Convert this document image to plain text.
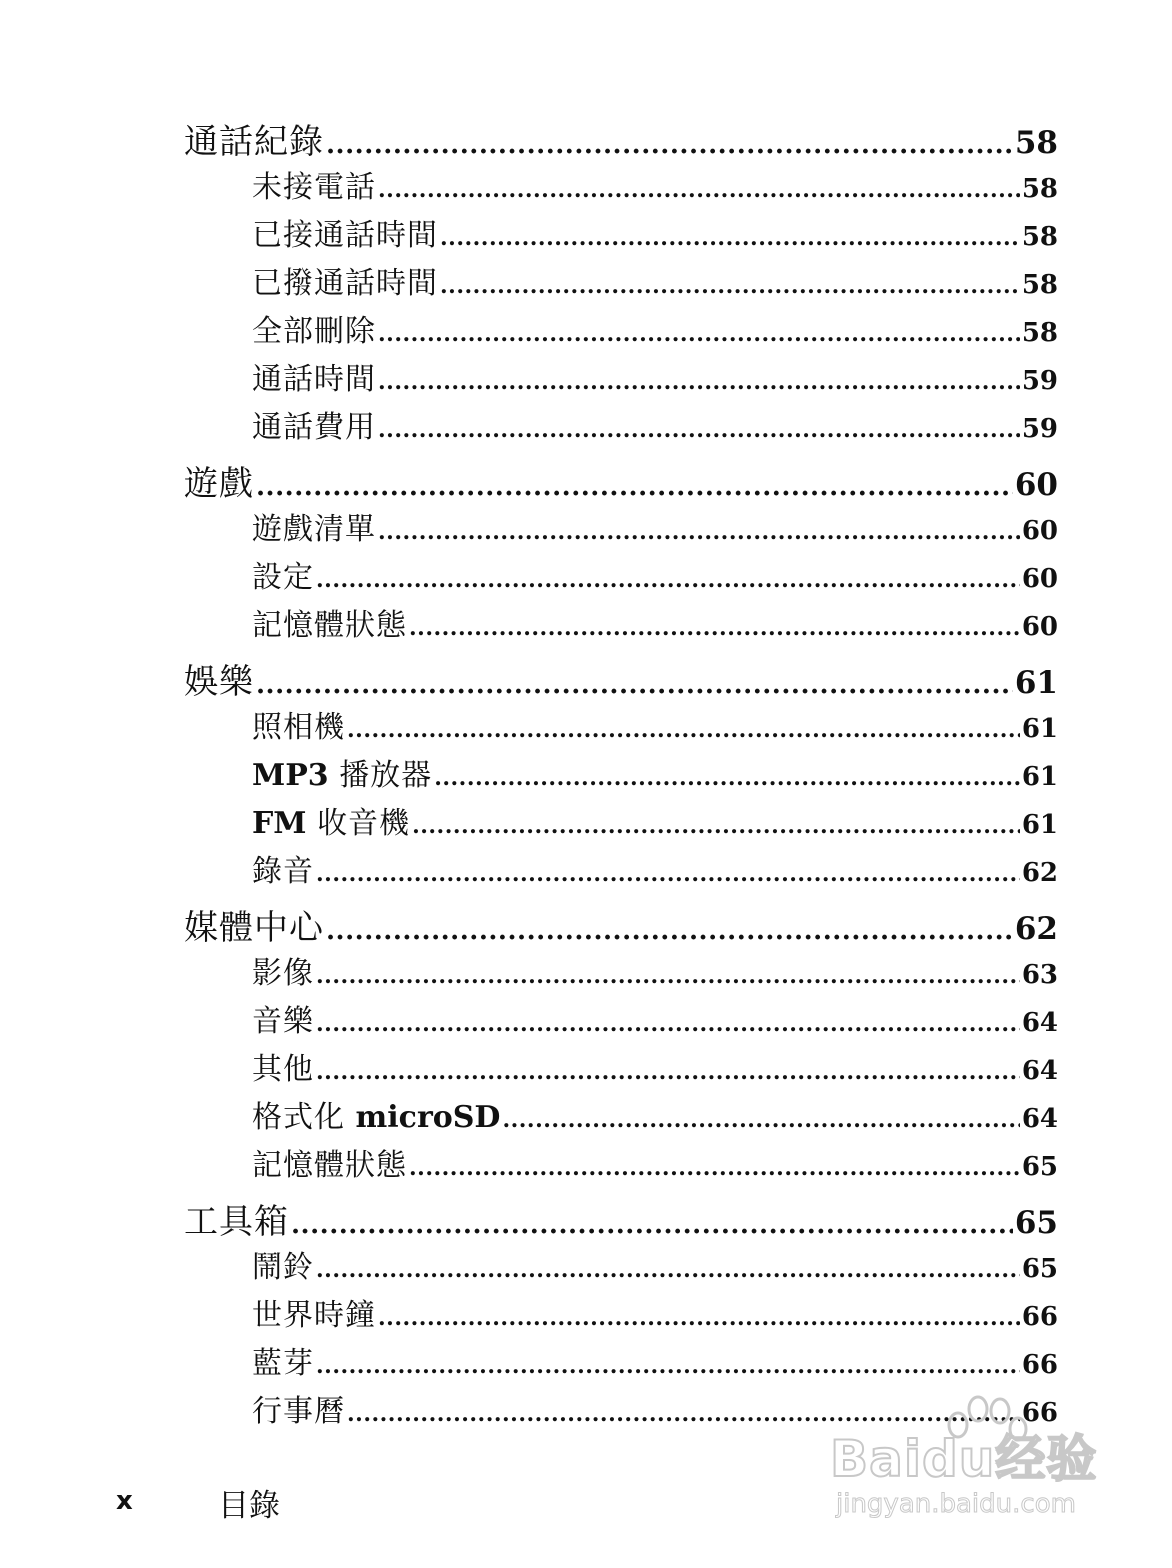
通話紀錄 .....	58
未接電話 .....	58
已接通話時間 .....	58
已撥通話時間 .....	58
全部刪除 .....	58
通話時間 .....	59
通話費用 .....	59
遊戲 .....	60
遊戲清單 .....	60
設定 .....	60
記憶體狀態 .....	60
娛樂 .....	61
照相機 .....	61
MP3 播放器 .....	61
FM 收音機 .....	61
錄音 .....	62
媒體中心 .....	62
影像 .....	63
音樂 .....	64
其他 .....	64
格式化 microSD .....	64
記憶體狀態 .....	65
工具箱 .....	65
鬧鈴 .....	65
世界時鐘 .....	66
藍芽 .....	66
行事曆 .....	66
x	目錄
Baidu经验
jingyan.baidu.com
